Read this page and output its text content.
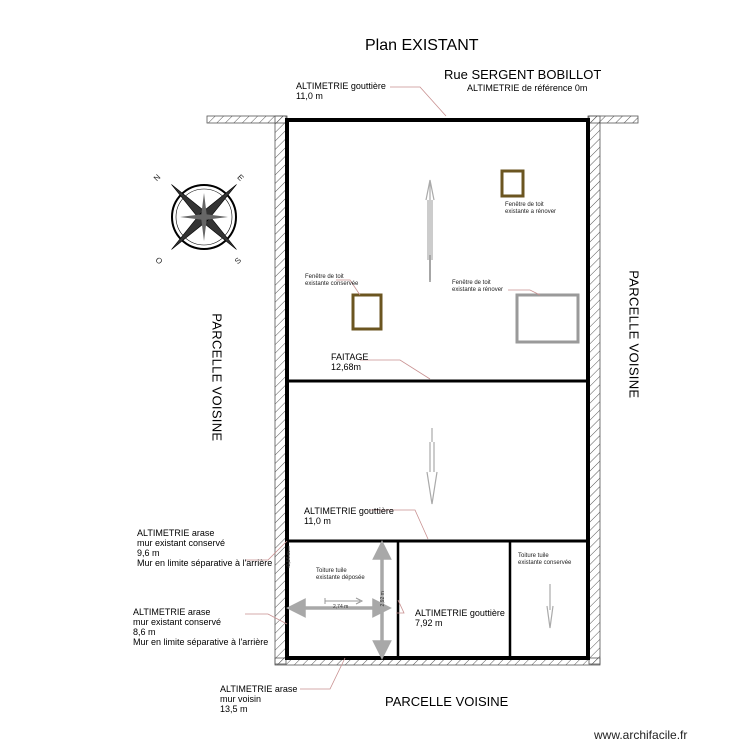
Plan EXISTANT
Rue SERGENT BOBILLOT
ALTIMETRIE de référence 0m
ALTIMETRIE gouttière
11,0 m
N	E
S
O
PARCELLE VOISINE	PARCELLE VOISINE
PARCELLE VOISINE
Fenêtre de toit
existante a rénover
Fenêtre de toit
existante conservée	Fenêtre de toit
existante a rénover
FAITAGE
12,68m
ALTIMETRIE gouttière
11,0 m
ALTIMETRIE gouttière
7,92 m
Toiture tuile
existante déposée
Toiture tuile
existante conservée
2,74 m
2,92 m
0,54 m
ALTIMETRIE arase
mur existant conservé
9,6 m
Mur en limite séparative à l'arrière
ALTIMETRIE arase
mur existant conservé
8,6 m
Mur en limite séparative à l'arrière
ALTIMETRIE arase
mur voisin
13,5 m
www.archifacile.fr
